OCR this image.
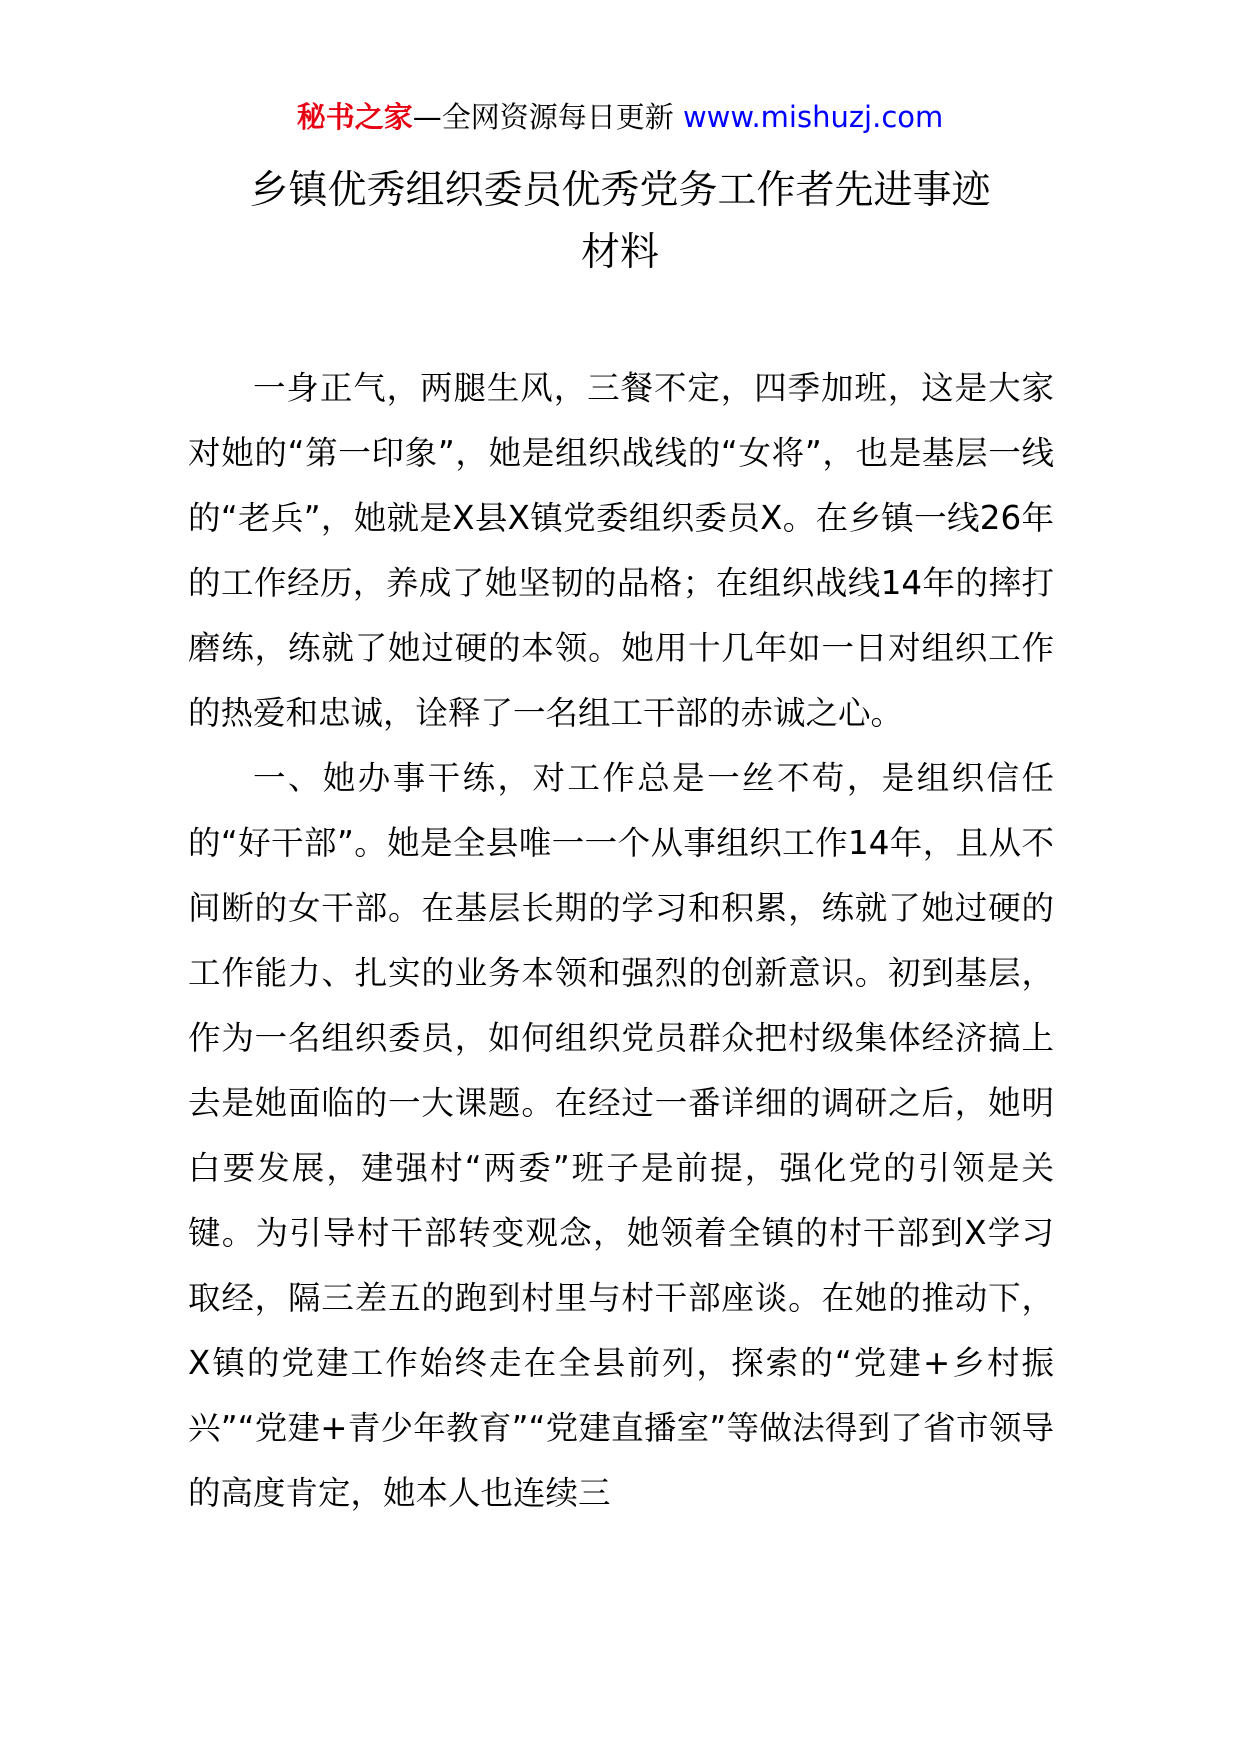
秘书之家—全网资源每日更新 www.mishuzj.com
乡镇优秀组织委员优秀党务工作者先进事迹
材料

一身正气，两腿生风，三餐不定，四季加班，这是大家对她的“第一印象”，她是组织战线的“女将”，也是基层一线的“老兵”，她就是X县X镇党委组织委员X。在乡镇一线26年的工作经历，养成了她坚韧的品格；在组织战线14年的摔打磨练，练就了她过硬的本领。她用十几年如一日对组织工作的热爱和忠诚，诠释了一名组工干部的赤诚之心。

一、她办事干练，对工作总是一丝不苟，是组织信任的“好干部”。她是全县唯一一个从事组织工作14年，且从不间断的女干部。在基层长期的学习和积累，练就了她过硬的工作能力、扎实的业务本领和强烈的创新意识。初到基层，作为一名组织委员，如何组织党员群众把村级集体经济搞上去是她面临的一大课题。在经过一番详细的调研之后，她明白要发展，建强村“两委”班子是前提，强化党的引领是关键。为引导村干部转变观念，她领着全镇的村干部到X学习取经，隔三差五的跑到村里与村干部座谈。在她的推动下，X镇的党建工作始终走在全县前列，探索的“党建+乡村振兴”“党建+青少年教育”“党建直播室”等做法得到了省市领导的高度肯定，她本人也连续三
